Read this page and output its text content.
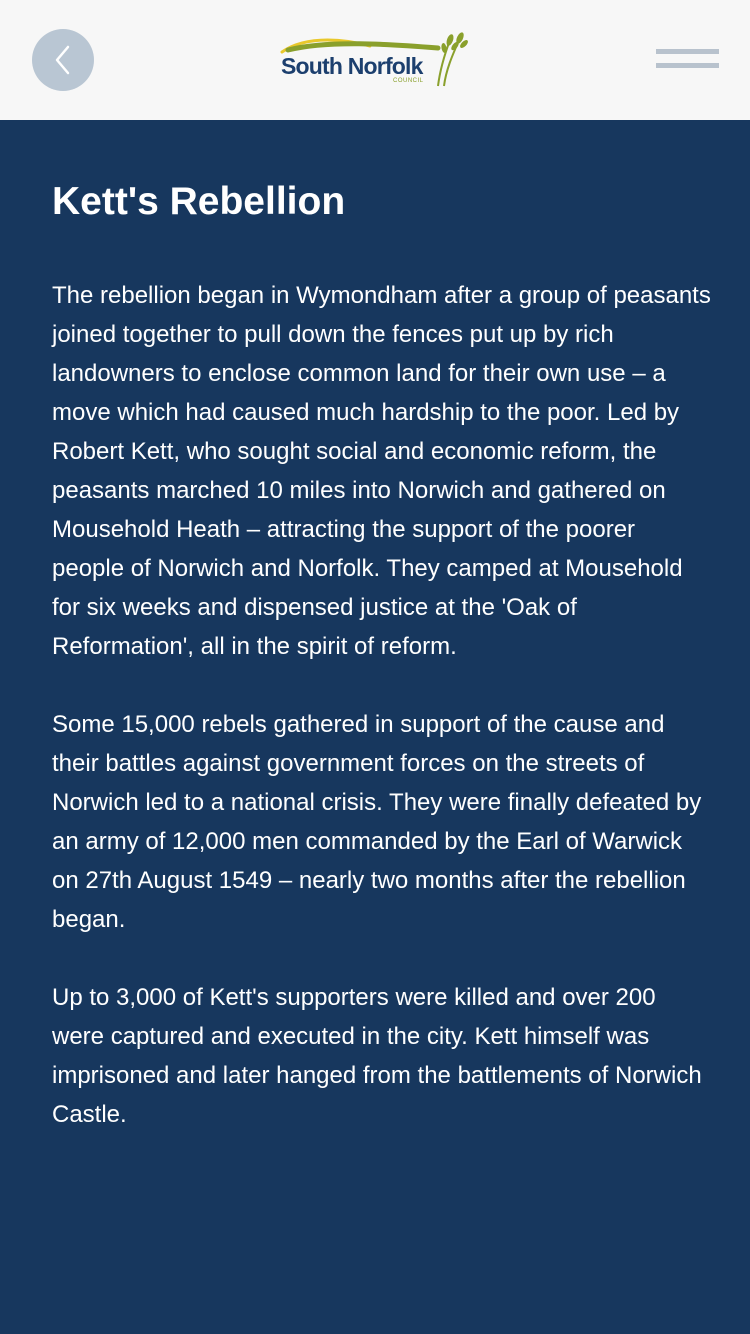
South Norfolk
COUNCIL
Kett's Rebellion

The rebellion began in Wymondham after a group of peasants joined together to pull down the fences put up by rich landowners to enclose common land for their own use – a move which had caused much hardship to the poor. Led by Robert Kett, who sought social and economic reform, the peasants marched 10 miles into Norwich and gathered on Mousehold Heath – attracting the support of the poorer people of Norwich and Norfolk. They camped at Mousehold for six weeks and dispensed justice at the 'Oak of Reformation', all in the spirit of reform.

Some 15,000 rebels gathered in support of the cause and their battles against government forces on the streets of Norwich led to a national crisis. They were finally defeated by an army of 12,000 men commanded by the Earl of Warwick on 27th August 1549 – nearly two months after the rebellion began.

Up to 3,000 of Kett's supporters were killed and over 200 were captured and executed in the city. Kett himself was imprisoned and later hanged from the battlements of Norwich Castle.
